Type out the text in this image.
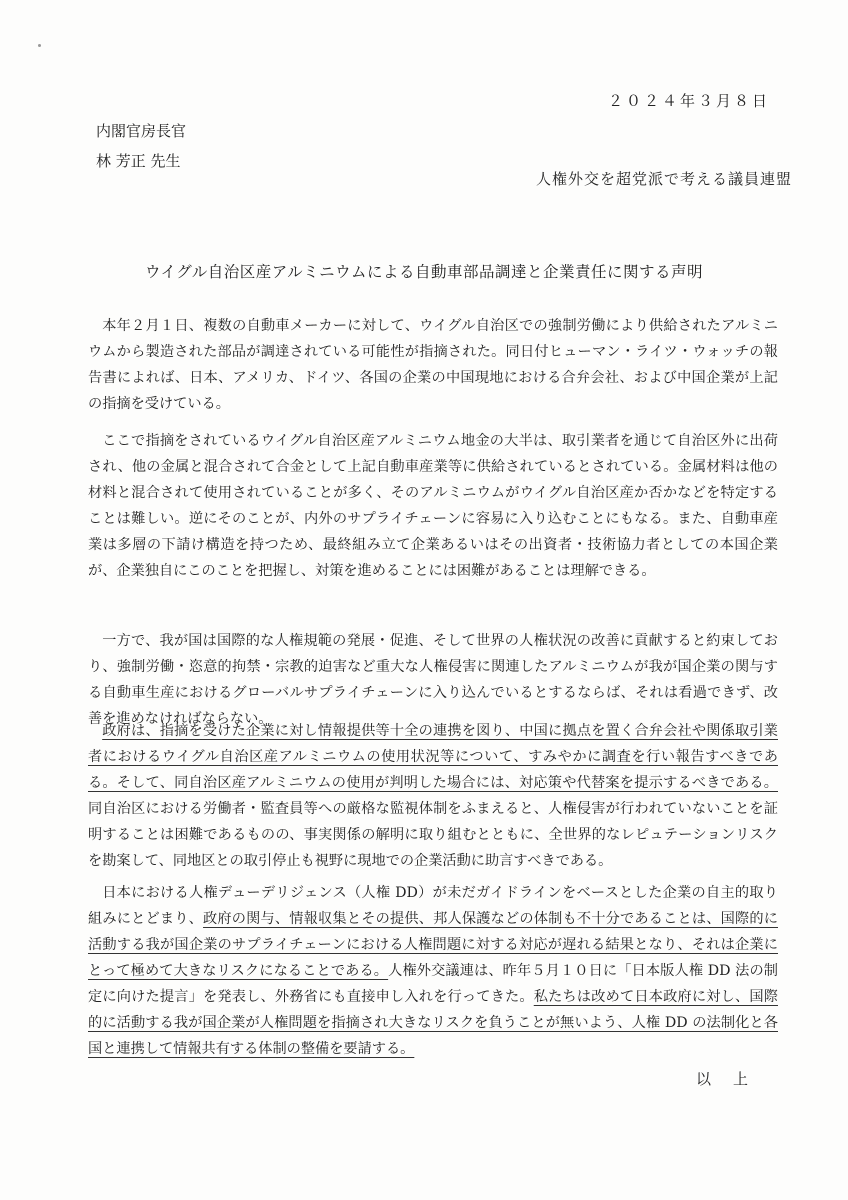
２０２４年３月８日
内閣官房長官
林 芳正 先生
人権外交を超党派で考える議員連盟
ウイグル自治区産アルミニウムによる自動車部品調達と企業責任に関する声明

本年２月１日、複数の自動車メーカーに対して、ウイグル自治区での強制労働により供給されたアルミニウムから製造された部品が調達されている可能性が指摘された。同日付ヒューマン・ライツ・ウォッチの報告書によれば、日本、アメリカ、ドイツ、各国の企業の中国現地における合弁会社、および中国企業が上記の指摘を受けている。

ここで指摘をされているウイグル自治区産アルミニウム地金の大半は、取引業者を通じて自治区外に出荷され、他の金属と混合されて合金として上記自動車産業等に供給されているとされている。金属材料は他の材料と混合されて使用されていることが多く、そのアルミニウムがウイグル自治区産か否かなどを特定することは難しい。逆にそのことが、内外のサプライチェーンに容易に入り込むことにもなる。また、自動車産業は多層の下請け構造を持つため、最終組み立て企業あるいはその出資者・技術協力者としての本国企業が、企業独自にこのことを把握し、対策を進めることには困難があることは理解できる。

一方で、我が国は国際的な人権規範の発展・促進、そして世界の人権状況の改善に貢献すると約束しており、強制労働・恣意的拘禁・宗教的迫害など重大な人権侵害に関連したアルミニウムが我が国企業の関与する自動車生産におけるグローバルサプライチェーンに入り込んでいるとするならば、それは看過できず、改善を進めなければならない。

政府は、指摘を受けた企業に対し情報提供等十全の連携を図り、中国に拠点を置く合弁会社や関係取引業者におけるウイグル自治区産アルミニウムの使用状況等について、すみやかに調査を行い報告すべきである。そして、同自治区産アルミニウムの使用が判明した場合には、対応策や代替案を提示するべきである。同自治区における労働者・監査員等への厳格な監視体制をふまえると、人権侵害が行われていないことを証明することは困難であるものの、事実関係の解明に取り組むとともに、全世界的なレピュテーションリスクを勘案して、同地区との取引停止も視野に現地での企業活動に助言すべきである。

日本における人権デューデリジェンス（人権 DD）が未だガイドラインをベースとした企業の自主的取り組みにとどまり、政府の関与、情報収集とその提供、邦人保護などの体制も不十分であることは、国際的に活動する我が国企業のサプライチェーンにおける人権問題に対する対応が遅れる結果となり、それは企業にとって極めて大きなリスクになることである。人権外交議連は、昨年５月１０日に「日本版人権 DD 法の制定に向けた提言」を発表し、外務省にも直接申し入れを行ってきた。私たちは改めて日本政府に対し、国際的に活動する我が国企業が人権問題を指摘され大きなリスクを負うことが無いよう、人権 DD の法制化と各国と連携して情報共有する体制の整備を要請する。

以上
